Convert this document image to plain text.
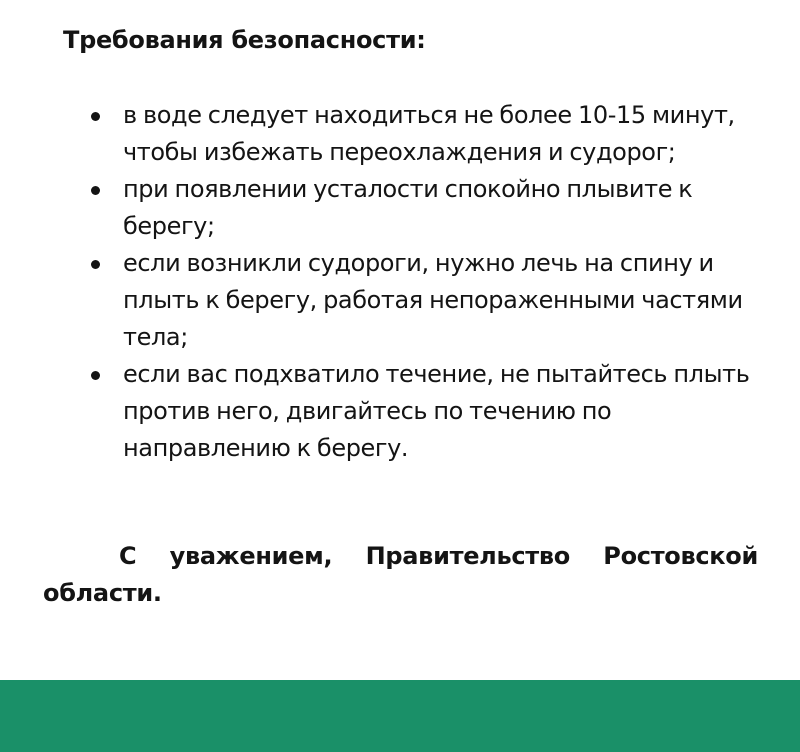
Требования безопасности:
в воде следует находиться не более 10-15 минут, чтобы избежать переохлаждения и судорог;
при появлении усталости спокойно плывите к берегу;
если возникли судороги, нужно лечь на спину и плыть к берегу, работая непораженными частями тела;
если вас подхватило течение, не пытайтесь плыть против него, двигайтесь по течению по направлению к берегу.

С уважением, Правительство Ростовской области.
